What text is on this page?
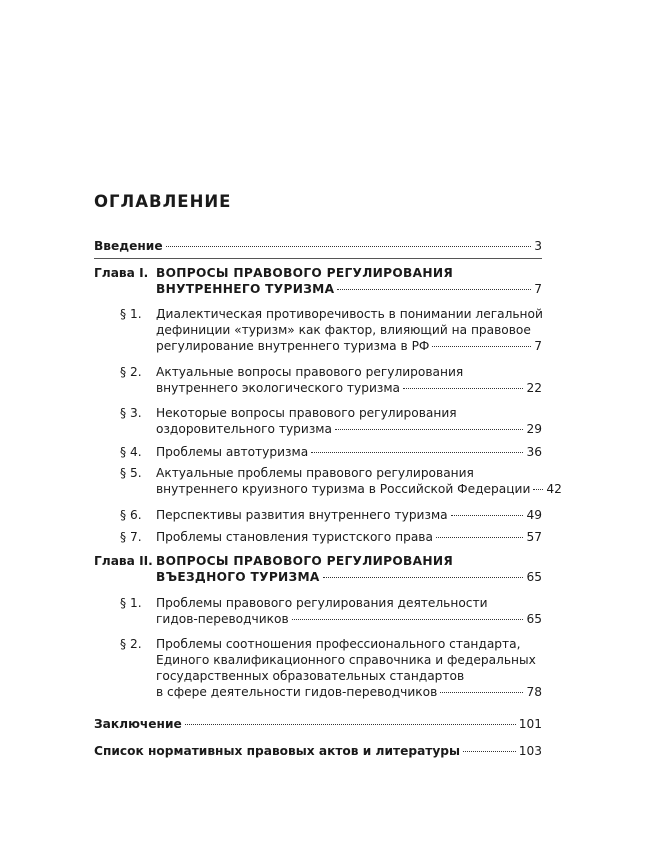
ОГЛАВЛЕНИЕ
Введение	3
Глава I. ВОПРОСЫ ПРАВОВОГО РЕГУЛИРОВАНИЯ
ВНУТРЕННЕГО ТУРИЗМА	7
§ 1.	Диалектическая противоречивость в понимании легальной
дефиниции «туризм» как фактор, влияющий на правовое
регулирование внутреннего туризма в РФ	7
§ 2.	Актуальные вопросы правового регулирования
внутреннего экологического туризма	22
§ 3.	Некоторые вопросы правового регулирования
оздоровительного туризма	29
§ 4.	Проблемы автотуризма	36
§ 5.	Актуальные проблемы правового регулирования
внутреннего круизного туризма в Российской Федерации 42
§ 6.	Перспективы развития внутреннего туризма	49
§ 7.	Проблемы становления туристского права	57
Глава II. ВОПРОСЫ ПРАВОВОГО РЕГУЛИРОВАНИЯ
ВЪЕЗДНОГО ТУРИЗМА	65
§ 1.	Проблемы правового регулирования деятельности
гидов-переводчиков	65
§ 2.	Проблемы соотношения профессионального стандарта,
Единого квалификационного справочника и федеральных
государственных образовательных стандартов
в сфере деятельности гидов-переводчиков	78
Заключение	101
Список нормативных правовых актов и литературы	103
